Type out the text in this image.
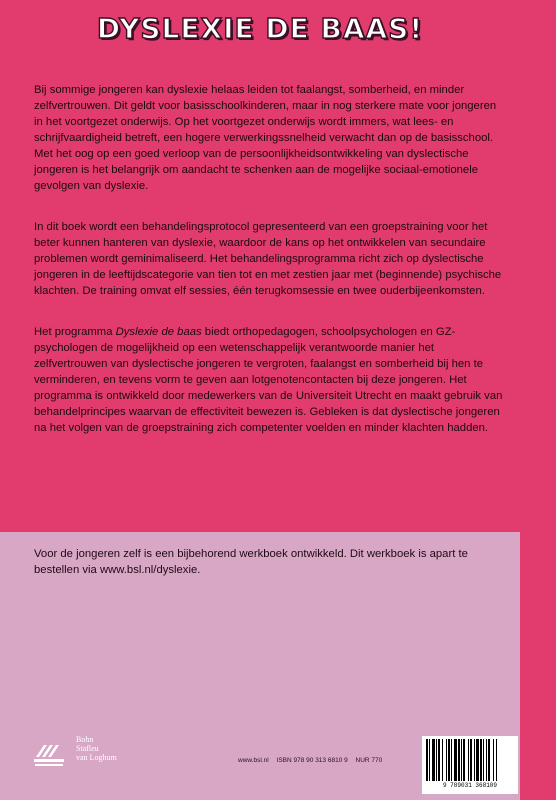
DYSLEXIE DE BAAS!

Bij sommige jongeren kan dyslexie helaas leiden tot faalangst, somberheid, en minder zelfvertrouwen. Dit geldt voor basisschoolkinderen, maar in nog sterkere mate voor jongeren in het voortgezet onderwijs. Op het voortgezet onderwijs wordt immers, wat lees- en schrijfvaardigheid betreft, een hogere verwerkingssnelheid verwacht dan op de basisschool. Met het oog op een goed verloop van de persoonlijkheidsontwikkeling van dyslectische jongeren is het belangrijk om aandacht te schenken aan de mogelijke sociaal-emotionele gevolgen van dyslexie.

In dit boek wordt een behandelingsprotocol gepresenteerd van een groepstraining voor het beter kunnen hanteren van dyslexie, waardoor de kans op het ontwikkelen van secundaire problemen wordt geminimaliseerd. Het behandelingsprogramma richt zich op dyslectische jongeren in de leeftijdscategorie van tien tot en met zestien jaar met (beginnende) psychische klachten. De training omvat elf sessies, één terugkomsessie en twee ouderbijeenkomsten.

Het programma Dyslexie de baas biedt orthopedagogen, schoolpsychologen en GZ-psychologen de mogelijkheid op een wetenschappelijk verantwoorde manier het zelfvertrouwen van dyslectische jongeren te vergroten, faalangst en somberheid bij hen te verminderen, en tevens vorm te geven aan lotgenotencontacten bij deze jongeren. Het programma is ontwikkeld door medewerkers van de Universiteit Utrecht en maakt gebruik van behandelprincipes waarvan de effectiviteit bewezen is. Gebleken is dat dyslectische jongeren na het volgen van de groepstraining zich competenter voelden en minder klachten hadden.

Voor de jongeren zelf is een bijbehorend werkboek ontwikkeld. Dit werkboek is apart te bestellen via www.bsl.nl/dyslexie.
Bohn
Stafleu
van Loghum	www.bsl.nl ISBN 978 90 313 6810 9 NUR 770
9 789031 368109
